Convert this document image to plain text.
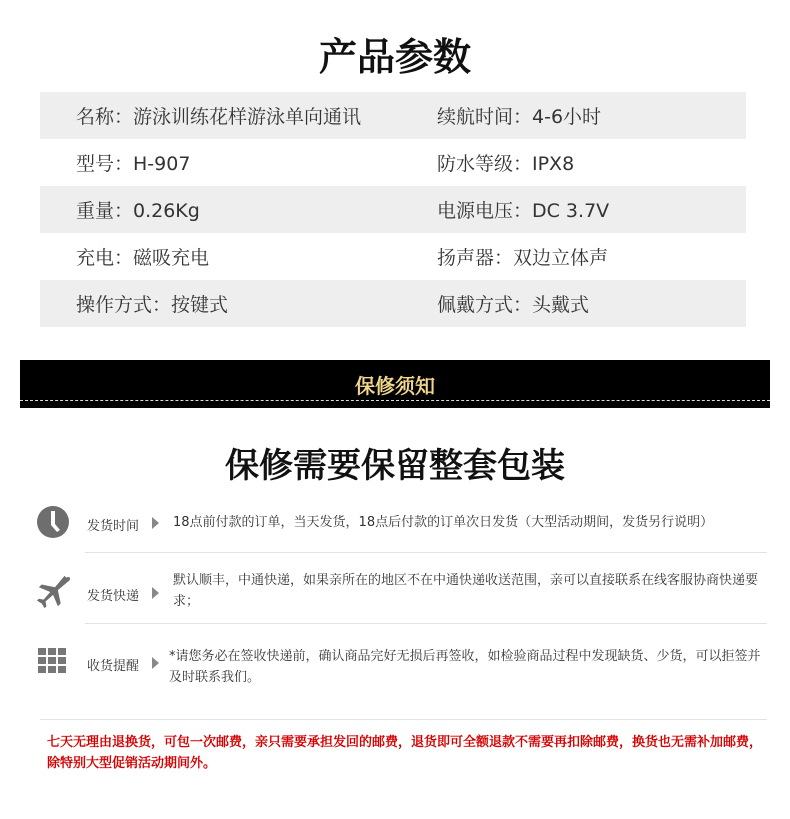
产品参数
名称：游泳训练花样游泳单向通讯	续航时间：4-6小时
型号：H-907	防水等级：IPX8
重量：0.26Kg	电源电压：DC 3.7V
充电：磁吸充电	扬声器：双边立体声
操作方式：按键式	佩戴方式：头戴式
保修须知
保修需要保留整套包装
发货时间	18点前付款的订单，当天发货，18点后付款的订单次日发货（大型活动期间，发货另行说明）
发货快递
默认顺丰，中通快递，如果亲所在的地区不在中通快递收送范围，亲可以直接联系在线客服协商快递要求；
收货提醒
*请您务必在签收快递前，确认商品完好无损后再签收，如检验商品过程中发现缺货、少货，可以拒签并及时联系我们。
七天无理由退换货，可包一次邮费，亲只需要承担发回的邮费，退货即可全额退款不需要再扣除邮费，换货也无需补加邮费，除特别大型促销活动期间外。
